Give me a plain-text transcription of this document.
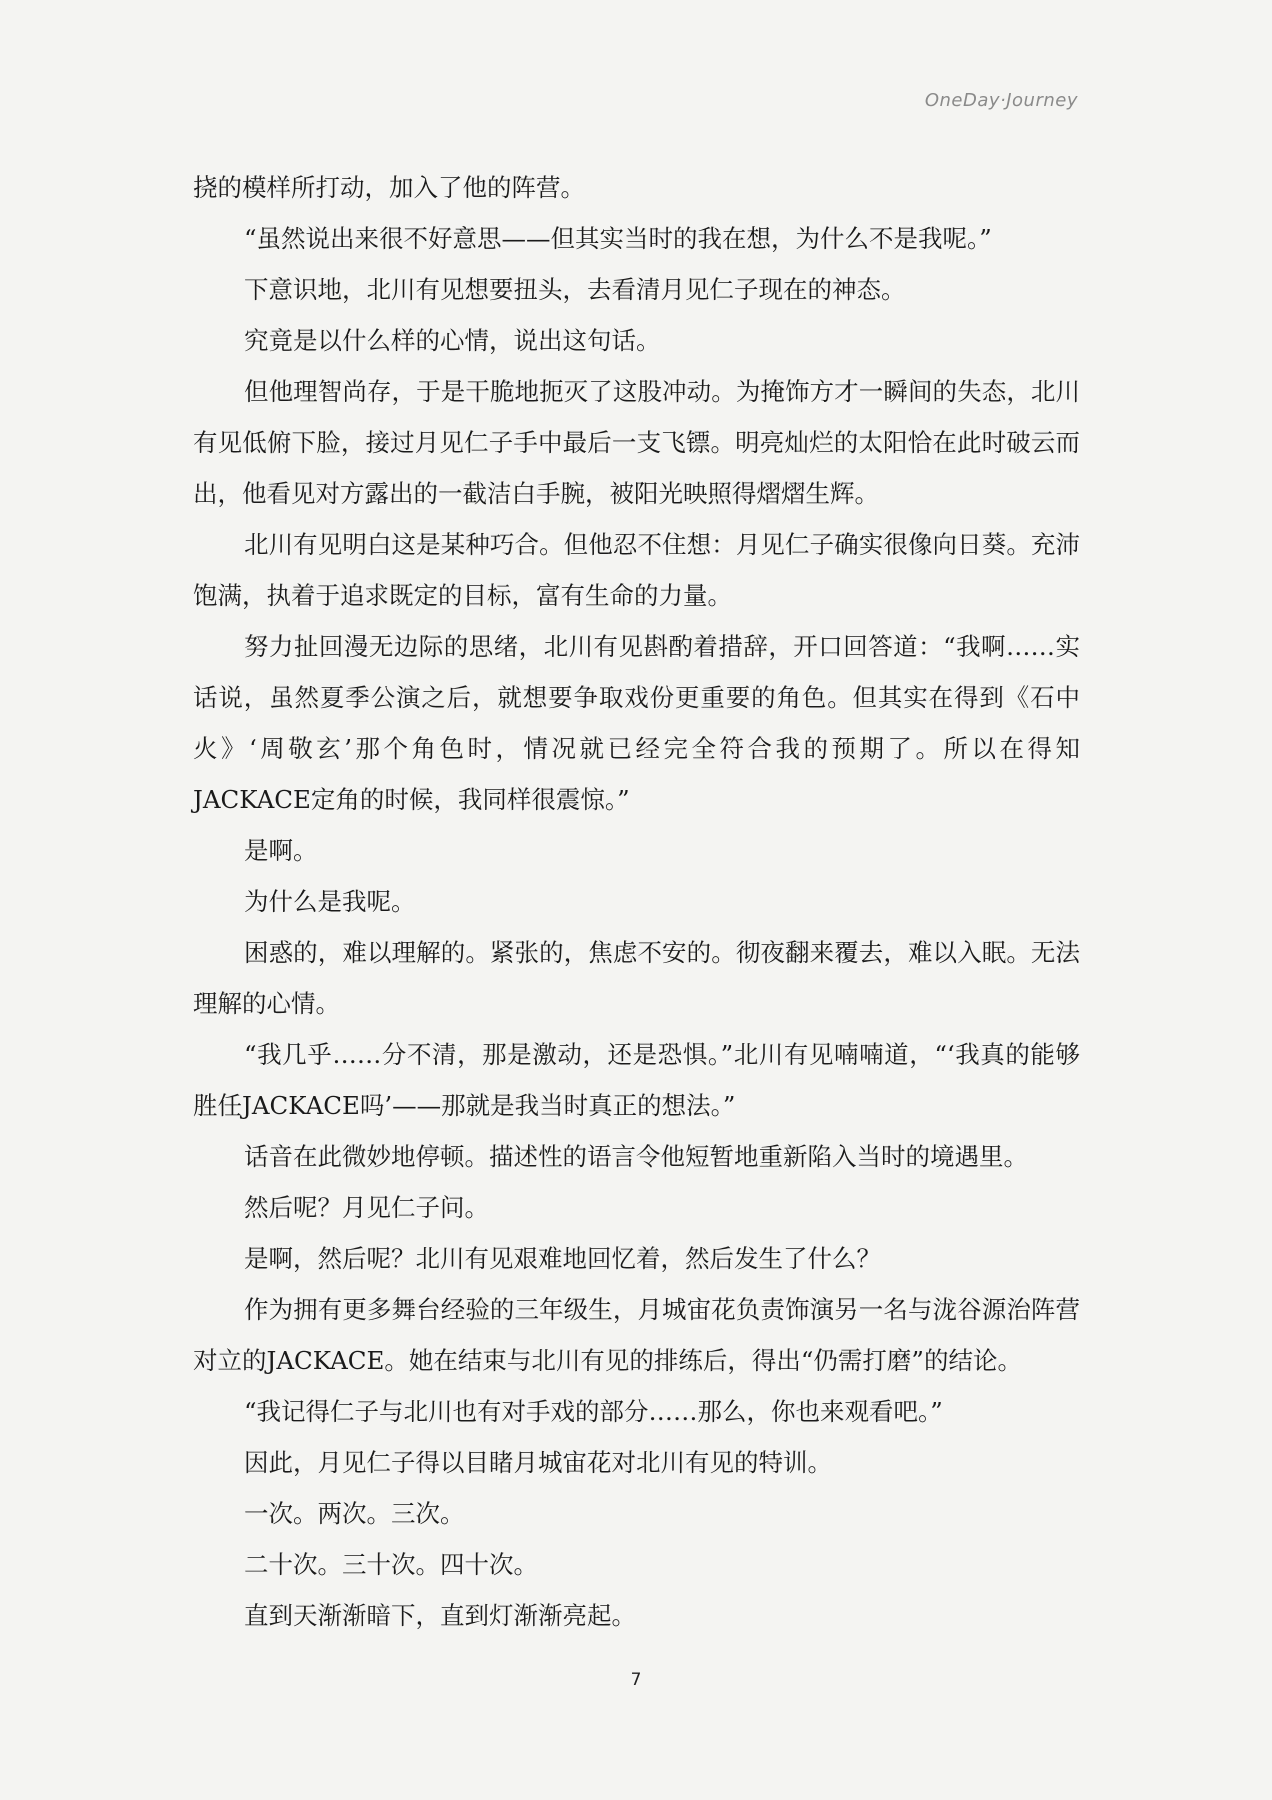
OneDay·Journey

挠的模样所打动，加入了他的阵营。

“虽然说出来很不好意思——但其实当时的我在想，为什么不是我呢。”

下意识地，北川有见想要扭头，去看清月见仁子现在的神态。

究竟是以什么样的心情，说出这句话。

但他理智尚存，于是干脆地扼灭了这股冲动。为掩饰方才一瞬间的失态，北川有见低俯下脸，接过月见仁子手中最后一支飞镖。明亮灿烂的太阳恰在此时破云而出，他看见对方露出的一截洁白手腕，被阳光映照得熠熠生辉。

北川有见明白这是某种巧合。但他忍不住想：月见仁子确实很像向日葵。充沛饱满，执着于追求既定的目标，富有生命的力量。

努力扯回漫无边际的思绪，北川有见斟酌着措辞，开口回答道：“我啊……实话说，虽然夏季公演之后，就想要争取戏份更重要的角色。但其实在得到《石中火》‘周敬玄’那个角色时，情况就已经完全符合我的预期了。所以在得知JACKACE定角的时候，我同样很震惊。”

是啊。

为什么是我呢。

困惑的，难以理解的。紧张的，焦虑不安的。彻夜翻来覆去，难以入眠。无法理解的心情。

“我几乎……分不清，那是激动，还是恐惧。”北川有见喃喃道，“‘我真的能够胜任JACKACE吗’——那就是我当时真正的想法。”

话音在此微妙地停顿。描述性的语言令他短暂地重新陷入当时的境遇里。

然后呢？月见仁子问。

是啊，然后呢？北川有见艰难地回忆着，然后发生了什么？

作为拥有更多舞台经验的三年级生，月城宙花负责饰演另一名与泷谷源治阵营对立的JACKACE。她在结束与北川有见的排练后，得出“仍需打磨”的结论。

“我记得仁子与北川也有对手戏的部分……那么，你也来观看吧。”

因此，月见仁子得以目睹月城宙花对北川有见的特训。

一次。两次。三次。

二十次。三十次。四十次。

直到天渐渐暗下，直到灯渐渐亮起。

7
